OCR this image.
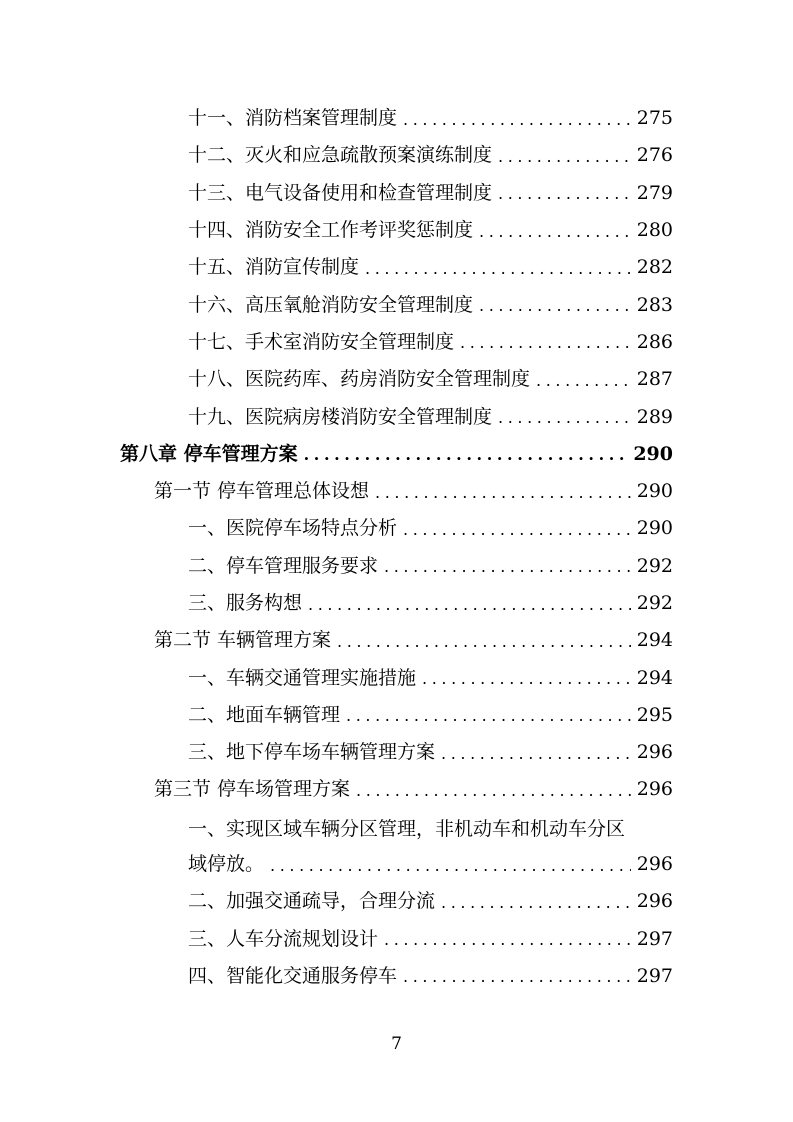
十一、消防档案管理制度 .....	275
十二、灭火和应急疏散预案演练制度 .....	276
十三、电气设备使用和检查管理制度 .....	279
十四、消防安全工作考评奖惩制度 .....	280
十五、消防宣传制度 .....	282
十六、高压氧舱消防安全管理制度 .....	283
十七、手术室消防安全管理制度 .....	286
十八、医院药库、药房消防安全管理制度 .....	287
十九、医院病房楼消防安全管理制度 .....	289
第八章 停车管理方案 .....	290
第一节 停车管理总体设想 .....	290
一、医院停车场特点分析 .....	290
二、停车管理服务要求 .....	292
三、服务构想 .....	292
第二节 车辆管理方案 .....	294
一、车辆交通管理实施措施 .....	294
二、地面车辆管理 .....	295
三、地下停车场车辆管理方案 .....	296
第三节 停车场管理方案 .....	296
一、实现区域车辆分区管理，非机动车和机动车分区
域停放。 .....	296
二、加强交通疏导，合理分流 .....	296
三、人车分流规划设计 .....	297
四、智能化交通服务停车 .....	297
7
